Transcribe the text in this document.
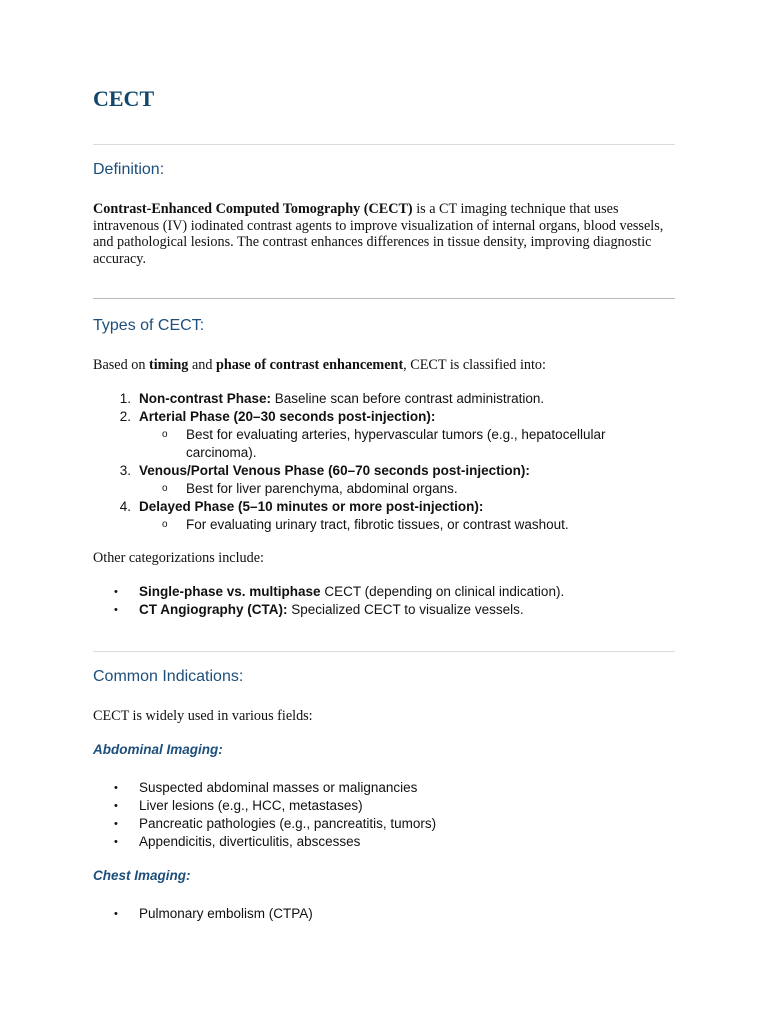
CECT
Definition:

Contrast-Enhanced Computed Tomography (CECT) is a CT imaging technique that uses intravenous (IV) iodinated contrast agents to improve visualization of internal organs, blood vessels, and pathological lesions. The contrast enhances differences in tissue density, improving diagnostic accuracy.

Types of CECT:

Based on timing and phase of contrast enhancement, CECT is classified into:

1. Non-contrast Phase: Baseline scan before contrast administration.
2. Arterial Phase (20–30 seconds post-injection):
o Best for evaluating arteries, hypervascular tumors (e.g., hepatocellular carcinoma).
3. Venous/Portal Venous Phase (60–70 seconds post-injection):
o Best for liver parenchyma, abdominal organs.
4. Delayed Phase (5–10 minutes or more post-injection):
o For evaluating urinary tract, fibrotic tissues, or contrast washout.

Other categorizations include:

• Single-phase vs. multiphase CECT (depending on clinical indication).
• CT Angiography (CTA): Specialized CECT to visualize vessels.
Common Indications:

CECT is widely used in various fields:

Abdominal Imaging:
• Suspected abdominal masses or malignancies
• Liver lesions (e.g., HCC, metastases)
• Pancreatic pathologies (e.g., pancreatitis, tumors)
• Appendicitis, diverticulitis, abscesses
Chest Imaging:
• Pulmonary embolism (CTPA)
